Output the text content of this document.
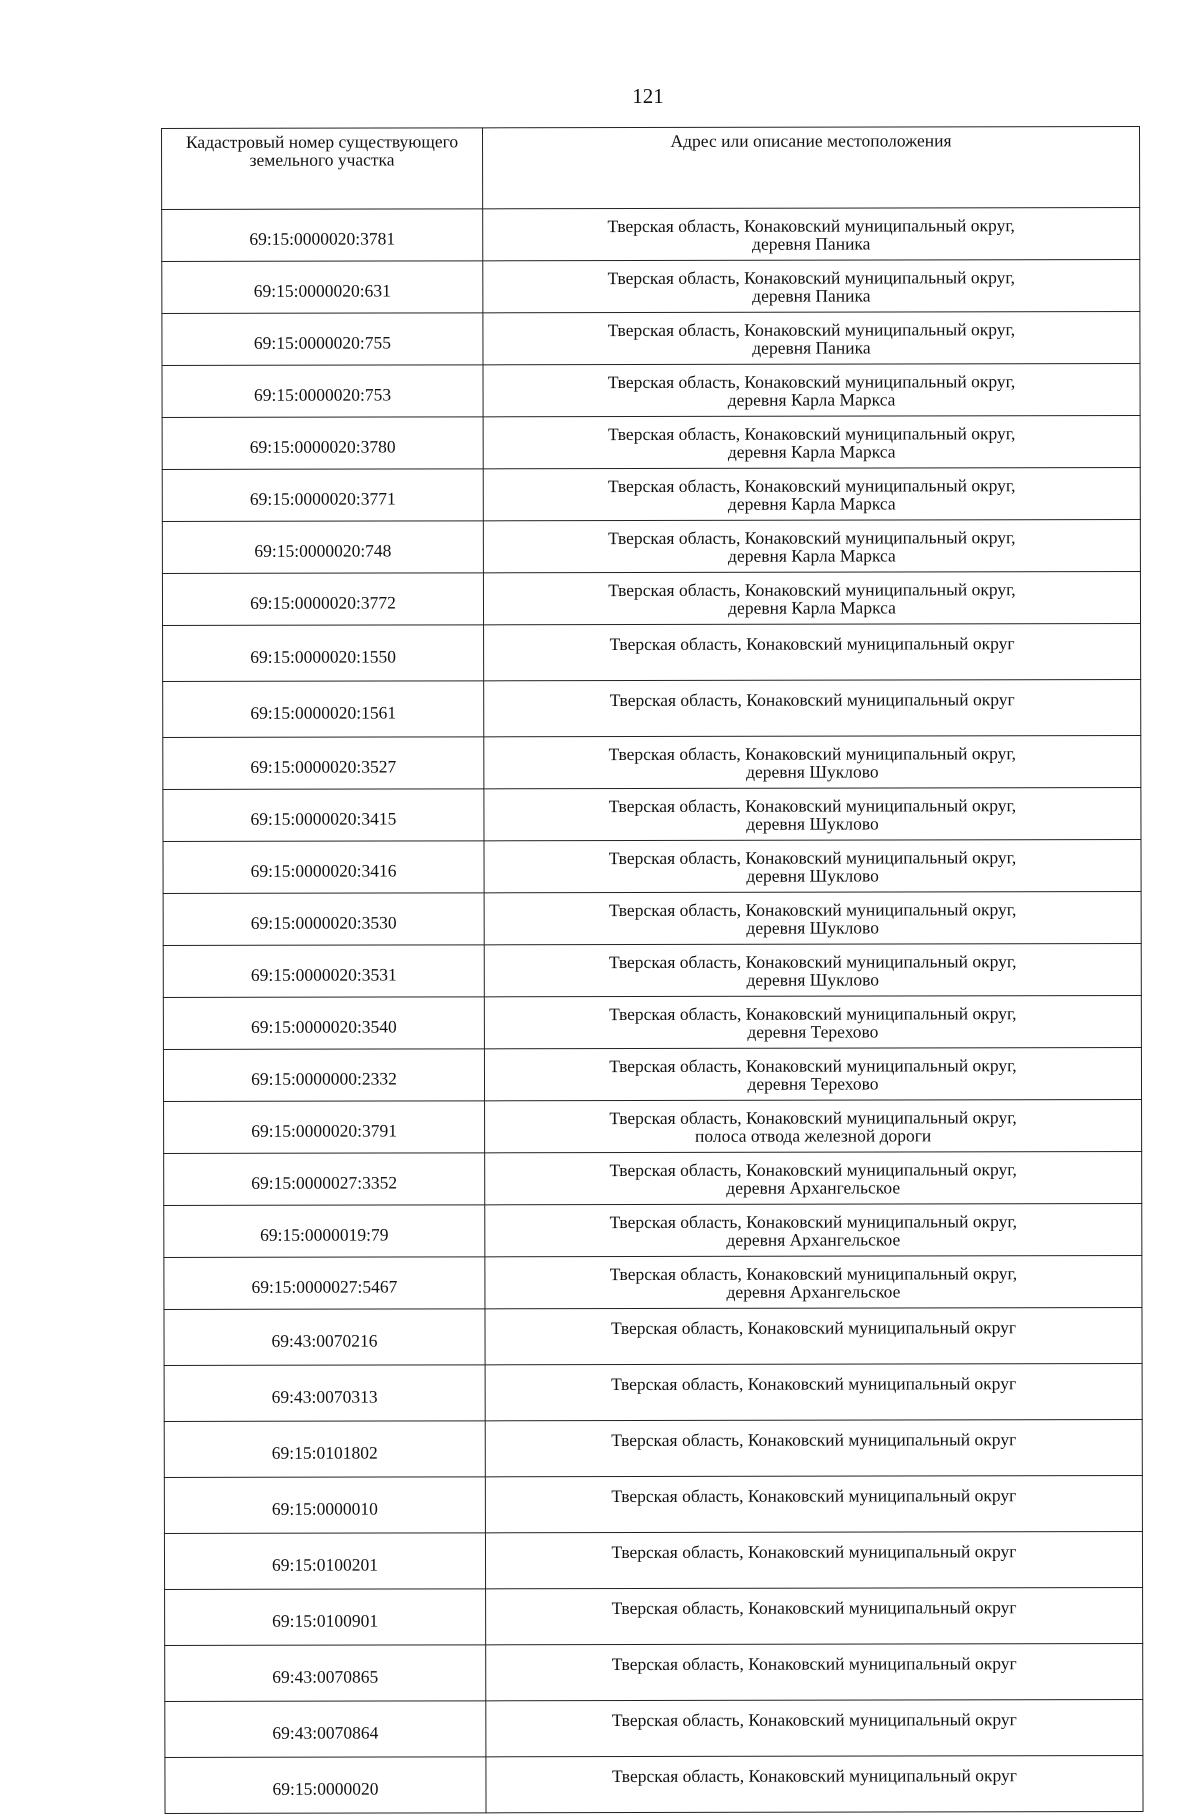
121
Кадастровый номер существующего земельного участка	Адрес или описание местоположения
69:15:0000020:3781	Тверская область, Конаковский муниципальный округ,
деревня Паника

69:15:0000020:631	Тверская область, Конаковский муниципальный округ,
деревня Паника

69:15:0000020:755	Тверская область, Конаковский муниципальный округ,
деревня Паника

69:15:0000020:753	Тверская область, Конаковский муниципальный округ,
деревня Карла Маркса

69:15:0000020:3780	Тверская область, Конаковский муниципальный округ,
деревня Карла Маркса

69:15:0000020:3771	Тверская область, Конаковский муниципальный округ,
деревня Карла Маркса

69:15:0000020:748	Тверская область, Конаковский муниципальный округ,
деревня Карла Маркса

69:15:0000020:3772	Тверская область, Конаковский муниципальный округ,
деревня Карла Маркса

69:15:0000020:1550	Тверская область, Конаковский муниципальный округ

69:15:0000020:1561	Тверская область, Конаковский муниципальный округ

69:15:0000020:3527	Тверская область, Конаковский муниципальный округ,
деревня Шуклово

69:15:0000020:3415	Тверская область, Конаковский муниципальный округ,
деревня Шуклово

69:15:0000020:3416	Тверская область, Конаковский муниципальный округ,
деревня Шуклово

69:15:0000020:3530	Тверская область, Конаковский муниципальный округ,
деревня Шуклово

69:15:0000020:3531	Тверская область, Конаковский муниципальный округ,
деревня Шуклово

69:15:0000020:3540	Тверская область, Конаковский муниципальный округ,
деревня Терехово

69:15:0000000:2332	Тверская область, Конаковский муниципальный округ,
деревня Терехово

69:15:0000020:3791	Тверская область, Конаковский муниципальный округ,
полоса отвода железной дороги

69:15:0000027:3352	Тверская область, Конаковский муниципальный округ,
деревня Архангельское

69:15:0000019:79	Тверская область, Конаковский муниципальный округ,
деревня Архангельское

69:15:0000027:5467	Тверская область, Конаковский муниципальный округ,
деревня Архангельское

69:43:0070216	Тверская область, Конаковский муниципальный округ

69:43:0070313	Тверская область, Конаковский муниципальный округ

69:15:0101802	Тверская область, Конаковский муниципальный округ

69:15:0000010	Тверская область, Конаковский муниципальный округ

69:15:0100201	Тверская область, Конаковский муниципальный округ

69:15:0100901	Тверская область, Конаковский муниципальный округ

69:43:0070865	Тверская область, Конаковский муниципальный округ

69:43:0070864	Тверская область, Конаковский муниципальный округ

69:15:0000020	Тверская область, Конаковский муниципальный округ
